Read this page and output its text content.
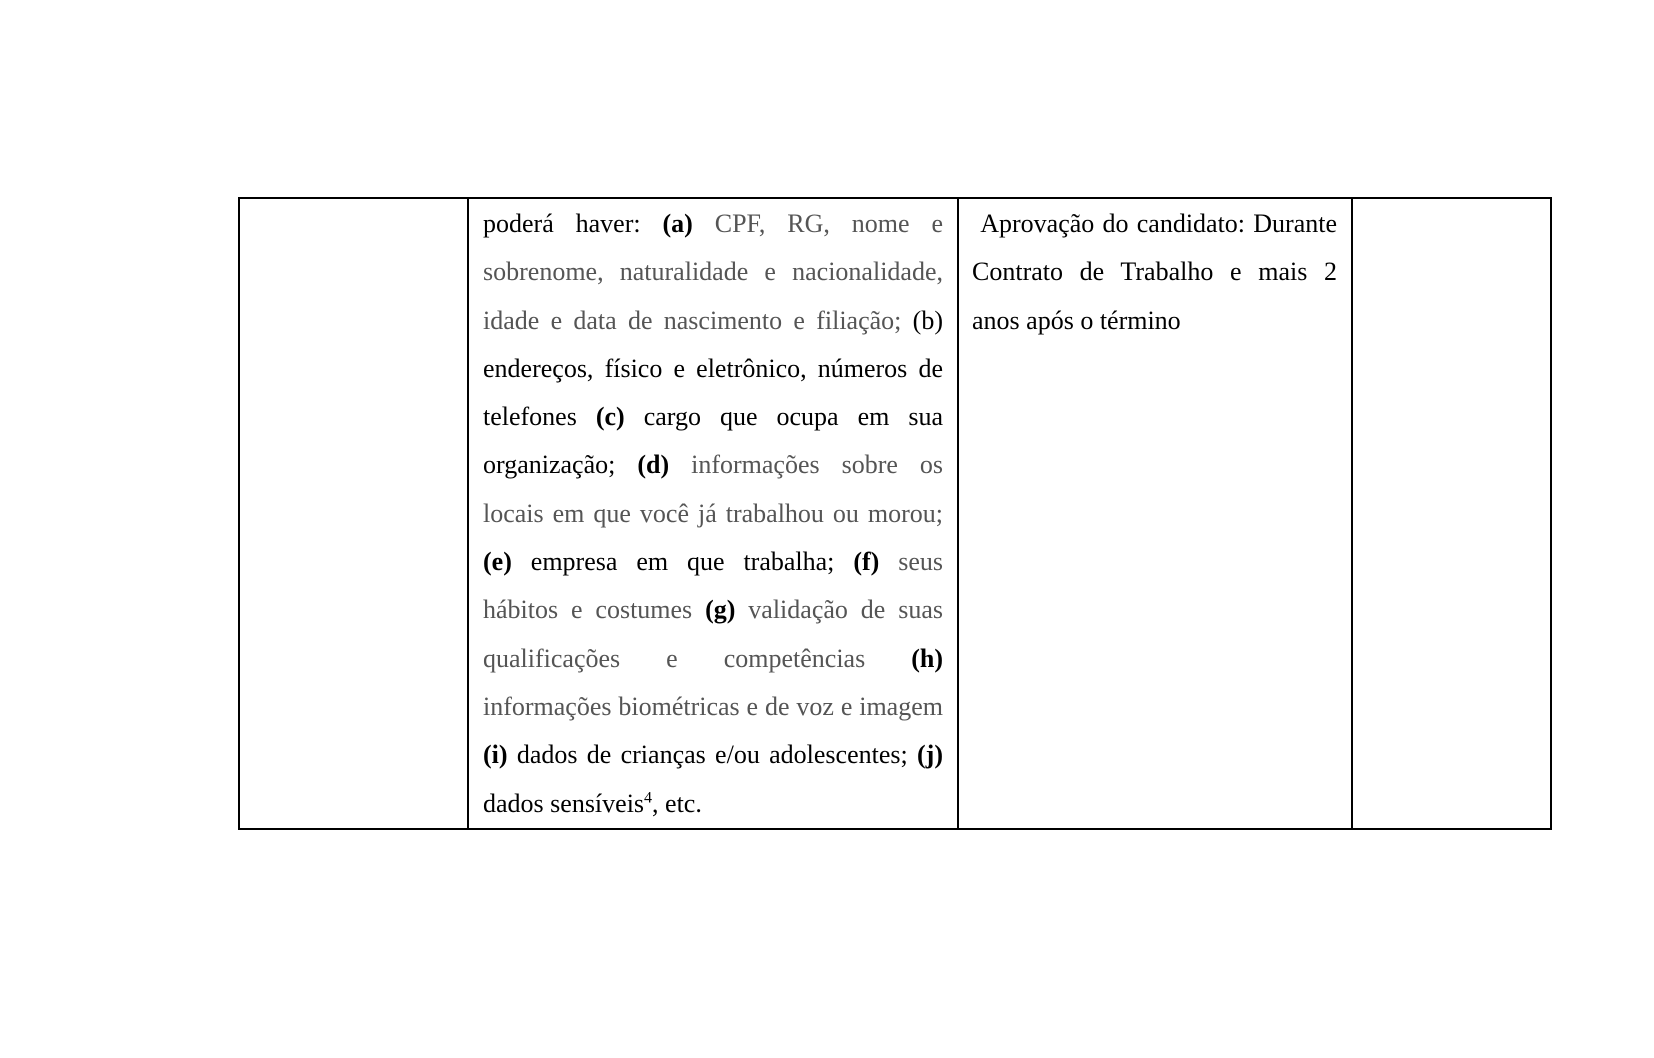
poderá haver: (a) CPF, RG, nome e sobrenome, naturalidade e nacionalidade, idade e data de nascimento e filiação; (b) endereços, físico e eletrônico, números de telefones (c) cargo que ocupa em sua organização; (d) informações sobre os locais em que você já trabalhou ou morou; (e) empresa em que trabalha; (f) seus hábitos e costumes (g) validação de suas qualificações e competências (h) informações biométricas e de voz e imagem (i) dados de crianças e/ou adolescentes; (j) dados sensíveis$^4$, etc.

Aprovação do candidato: Durante Contrato de Trabalho e mais 2 anos após o término
